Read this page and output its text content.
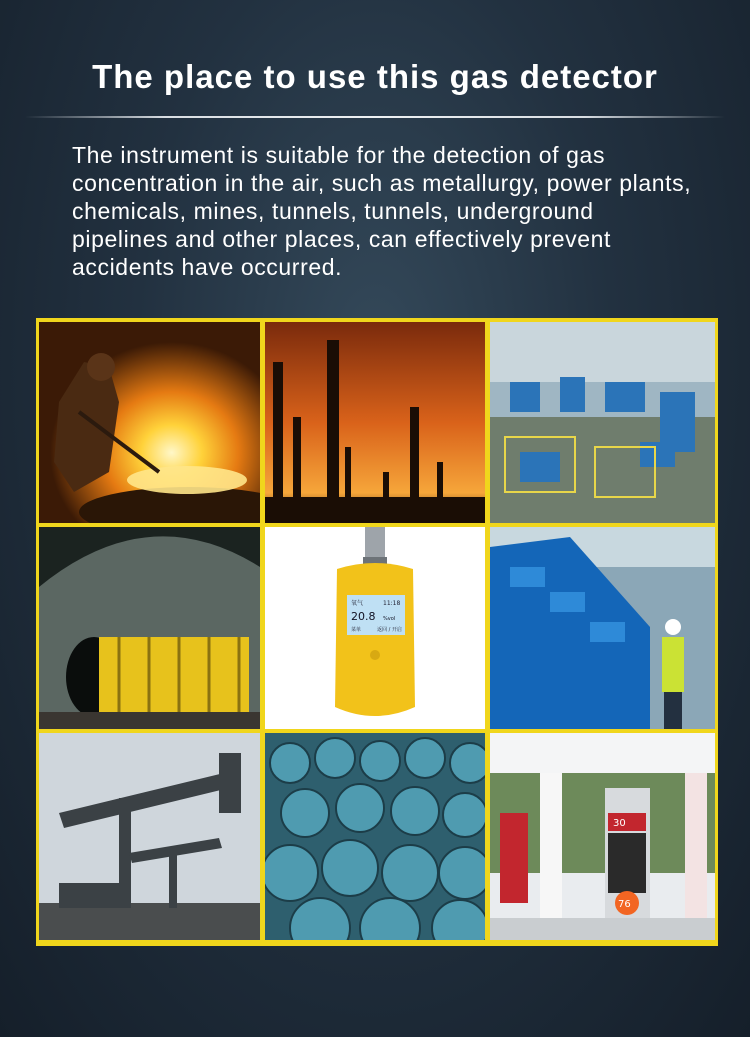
The place to use this gas detector
The instrument is suitable for the detection of gas concentration in the air, such as metallurgy, power plants, chemicals, mines, tunnels, tunnels, underground pipelines and other places, can effectively prevent accidents have occurred.
氧气	11:18
20.8 %vol
菜单	返回 / 开启
30
76
